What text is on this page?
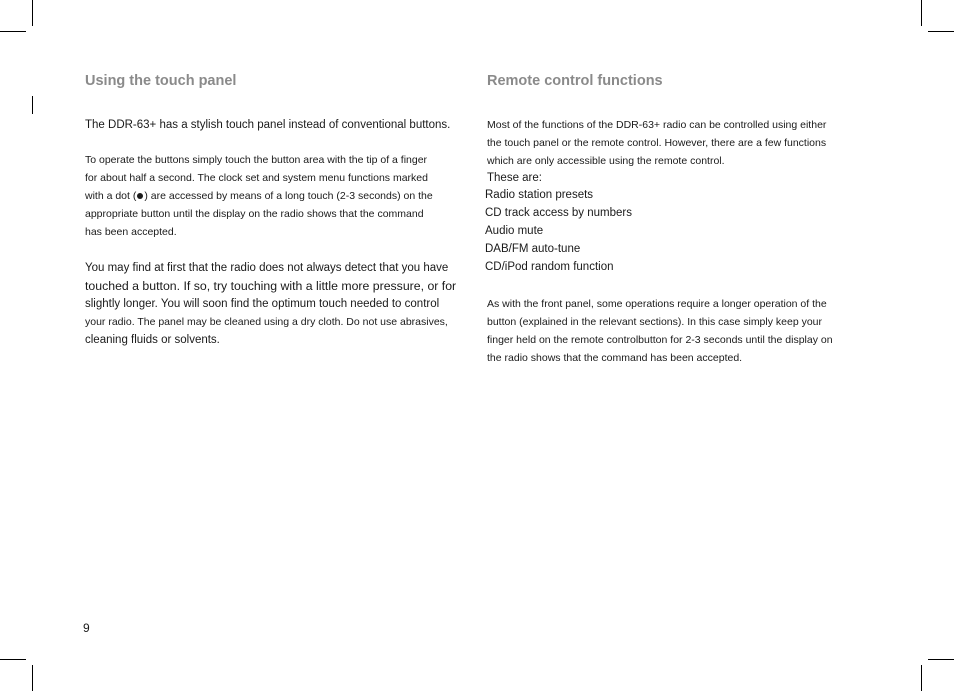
Using the touch panel

The DDR-63+ has a stylish touch panel instead of conventional buttons.

To operate the buttons simply touch the button area with the tip of a finger
for about half a second. The clock set and system menu functions marked
with a dot ( ) are accessed by means of a long touch (2-3 seconds) on the
appropriate button until the display on the radio shows that the command
has been accepted.

You may find at first that the radio does not always detect that you have
touched a button. If so, try touching with a little more pressure, or for
slightly longer. You will soon find the optimum touch needed to control
your radio. The panel may be cleaned using a dry cloth. Do not use abrasives,
cleaning fluids or solvents.

Remote control functions

Most of the functions of the DDR-63+ radio can be controlled using either
the touch panel or the remote control. However, there are a few functions
which are only accessible using the remote control.

These are:
Radio station presets
CD track access by numbers
Audio mute
DAB/FM auto-tune
CD/iPod random function

As with the front panel, some operations require a longer operation of the
button (explained in the relevant sections). In this case simply keep your
finger held on the remote controlbutton for 2-3 seconds until the display on
the radio shows that the command has been accepted.

9
